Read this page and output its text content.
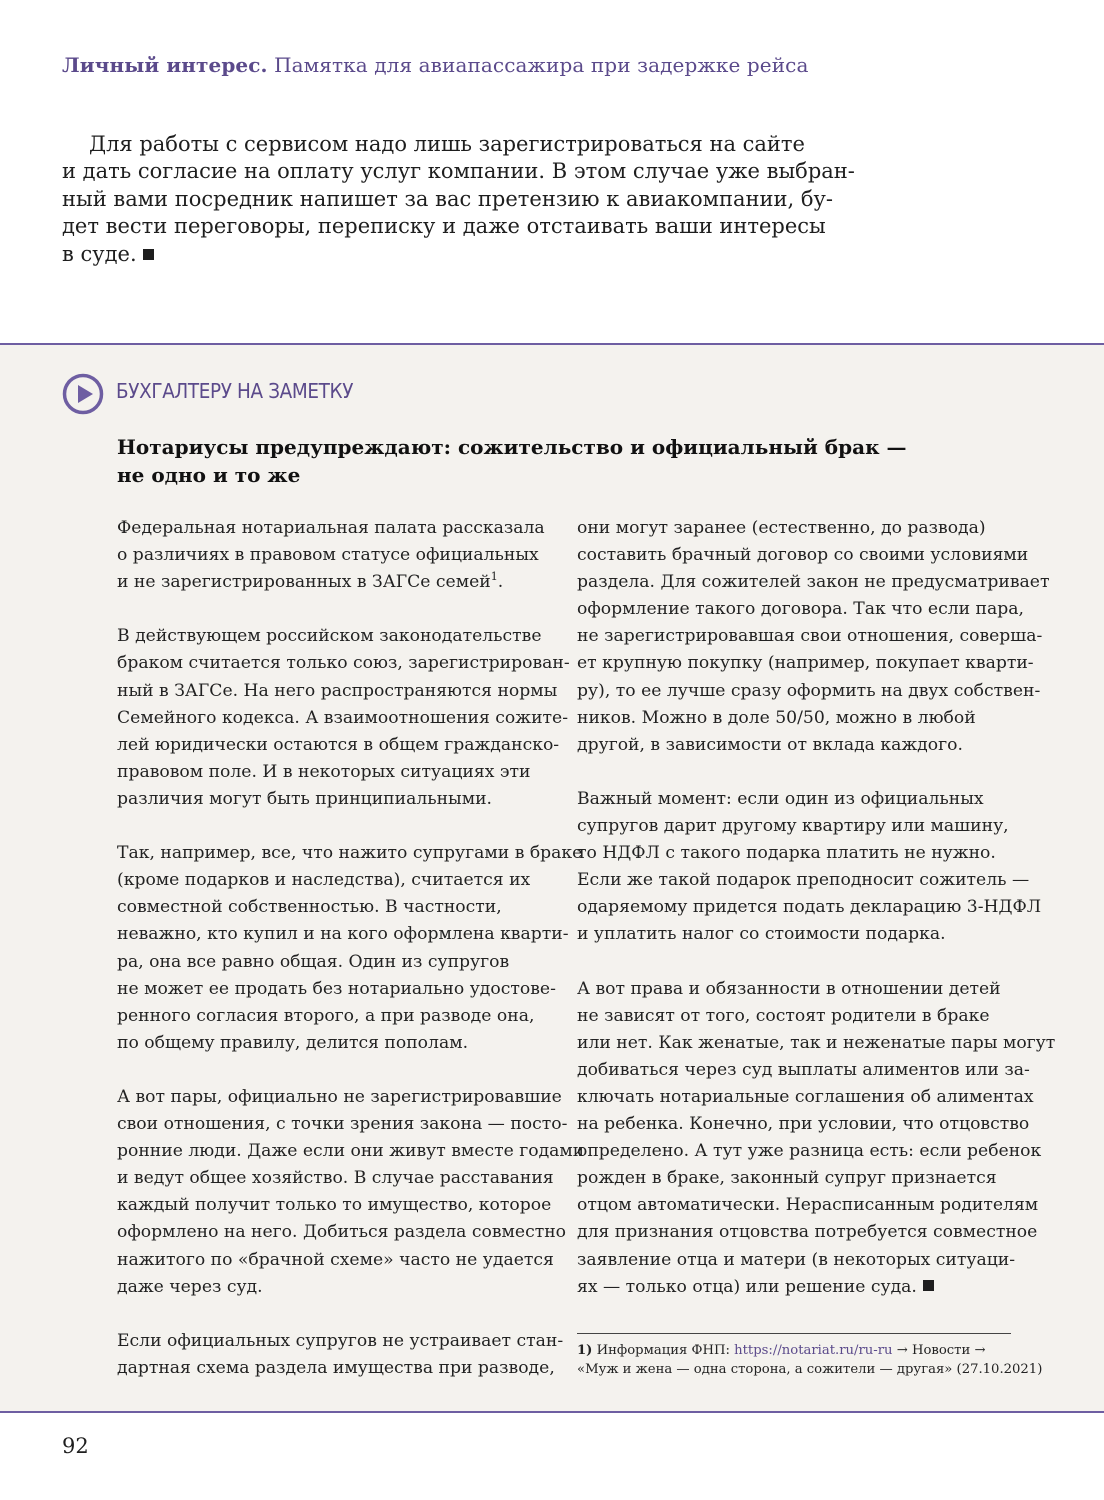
Личный интерес. Памятка для авиапассажира при задержке рейса
Для работы с сервисом надо лишь зарегистрироваться на сайте
и дать согласие на оплату услуг компании. В этом случае уже выбран-
ный вами посредник напишет за вас претензию к авиакомпании, бу-
дет вести переговоры, переписку и даже отстаивать ваши интересы
в суде.
БУХГАЛТЕРУ НА ЗАМЕТКУ
Нотариусы предупреждают: сожительство и официальный брак —
не одно и то же
Федеральная нотариальная палата рассказала
о различиях в правовом статусе официальных
и не зарегистрированных в ЗАГСе семей$^1$.
В действующем российском законодательстве
браком считается только союз, зарегистрирован-
ный в ЗАГСе. На него распространяются нормы
Семейного кодекса. А взаимоотношения сожите-
лей юридически остаются в общем гражданско-
правовом поле. И в некоторых ситуациях эти
различия могут быть принципиальными.
Так, например, все, что нажито супругами в браке
(кроме подарков и наследства), считается их
совместной собственностью. В частности,
неважно, кто купил и на кого оформлена кварти-
ра, она все равно общая. Один из супругов
не может ее продать без нотариально удостове-
ренного согласия второго, а при разводе она,
по общему правилу, делится пополам.
А вот пары, официально не зарегистрировавшие
свои отношения, с точки зрения закона — посто-
ронние люди. Даже если они живут вместе годами
и ведут общее хозяйство. В случае расставания
каждый получит только то имущество, которое
оформлено на него. Добиться раздела совместно
нажитого по «брачной схеме» часто не удается
даже через суд.
Если официальных супругов не устраивает стан-
дартная схема раздела имущества при разводе,
они могут заранее (естественно, до развода)
составить брачный договор со своими условиями
раздела. Для сожителей закон не предусматривает
оформление такого договора. Так что если пара,
не зарегистрировавшая свои отношения, соверша-
ет крупную покупку (например, покупает кварти-
ру), то ее лучше сразу оформить на двух собствен-
ников. Можно в доле 50/50, можно в любой
другой, в зависимости от вклада каждого.
Важный момент: если один из официальных
супругов дарит другому квартиру или машину,
то НДФЛ с такого подарка платить не нужно.
Если же такой подарок преподносит сожитель —
одаряемому придется подать декларацию 3-НДФЛ
и уплатить налог со стоимости подарка.
А вот права и обязанности в отношении детей
не зависят от того, состоят родители в браке
или нет. Как женатые, так и неженатые пары могут
добиваться через суд выплаты алиментов или за-
ключать нотариальные соглашения об алиментах
на ребенка. Конечно, при условии, что отцовство
определено. А тут уже разница есть: если ребенок
рожден в браке, законный супруг признается
отцом автоматически. Нерасписанным родителям
для признания отцовства потребуется совместное
заявление отца и матери (в некоторых ситуаци-
ях — только отца) или решение суда.
1) Информация ФНП: https://notariat.ru/ru-ru → Новости →
«Муж и жена — одна сторона, а сожители — другая» (27.10.2021)
92
